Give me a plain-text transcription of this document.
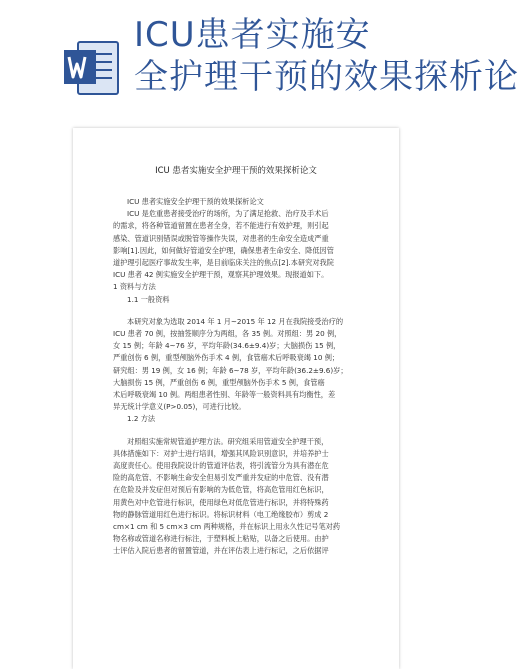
ICU患者实施安
全护理干预的效果探析论
ICU 患者实施安全护理干预的效果探析论文

ICU 患者实施安全护理干预的效果探析论文

ICU 是危重患者接受治疗的场所，为了满足抢救、治疗及手术后

的需求，将各种管道留置在患者全身，若不能进行有效护理，则引起

感染、管道识别错误或脱管等操作失误，对患者的生命安全造成严重

影响[1].因此，如何做好管道安全护理，确保患者生命安全、降低因管

道护理引起医疗事故发生率，是目前临床关注的焦点[2].本研究对我院

ICU 患者 42 例实施安全护理干预，观察其护理效果。现报道如下。

1 资料与方法

1.1 一般资料

本研究对象为选取 2014 年 1 月~2015 年 12 月在我院接受治疗的

ICU 患者 70 例，按抽签顺序分为两组，各 35 例。对照组：男 20 例，

女 15 例；年龄 4~76 岁，平均年龄(34.6±9.4)岁；大脑损伤 15 例，

严重创伤 6 例，重型颅脑外伤手术 4 例，食管癌术后呼吸衰竭 10 例；

研究组：男 19 例，女 16 例；年龄 6~78 岁，平均年龄(36.2±9.6)岁；

大脑损伤 15 例，严重创伤 6 例，重型颅脑外伤手术 5 例，食管癌

术后呼吸衰竭 10 例。两组患者性别、年龄等一般资料具有均衡性，差

异无统计学意义(P>0.05)，可进行比较。

1.2 方法

对照组实施常规管道护理方法。研究组采用管道安全护理干预，

具体措施如下：对护士进行培训，增强其风险识别意识，并培养护士

高度责任心。使用我院设计的管道评估表，将引流管分为具有潜在危

险的高危管、不影响生命安全但易引发严重并发症的中危管、没有潜

在危险及并发症但对预后有影响的为低危管，将高危管用红色标识，

用黄色对中危管进行标识，使用绿色对低危管进行标识，并将特殊药

物的静脉管道用红色进行标识。将标识材料（电工绝缘胶布）剪成 2

cm×1 cm 和 5 cm×3 cm 两种规格，并在标识上用永久性记号笔对药

物名称或管道名称进行标注，于塑料板上粘贴，以备之后使用。由护

士评估入院后患者的留置管道，并在评估表上进行标记，之后依据评
